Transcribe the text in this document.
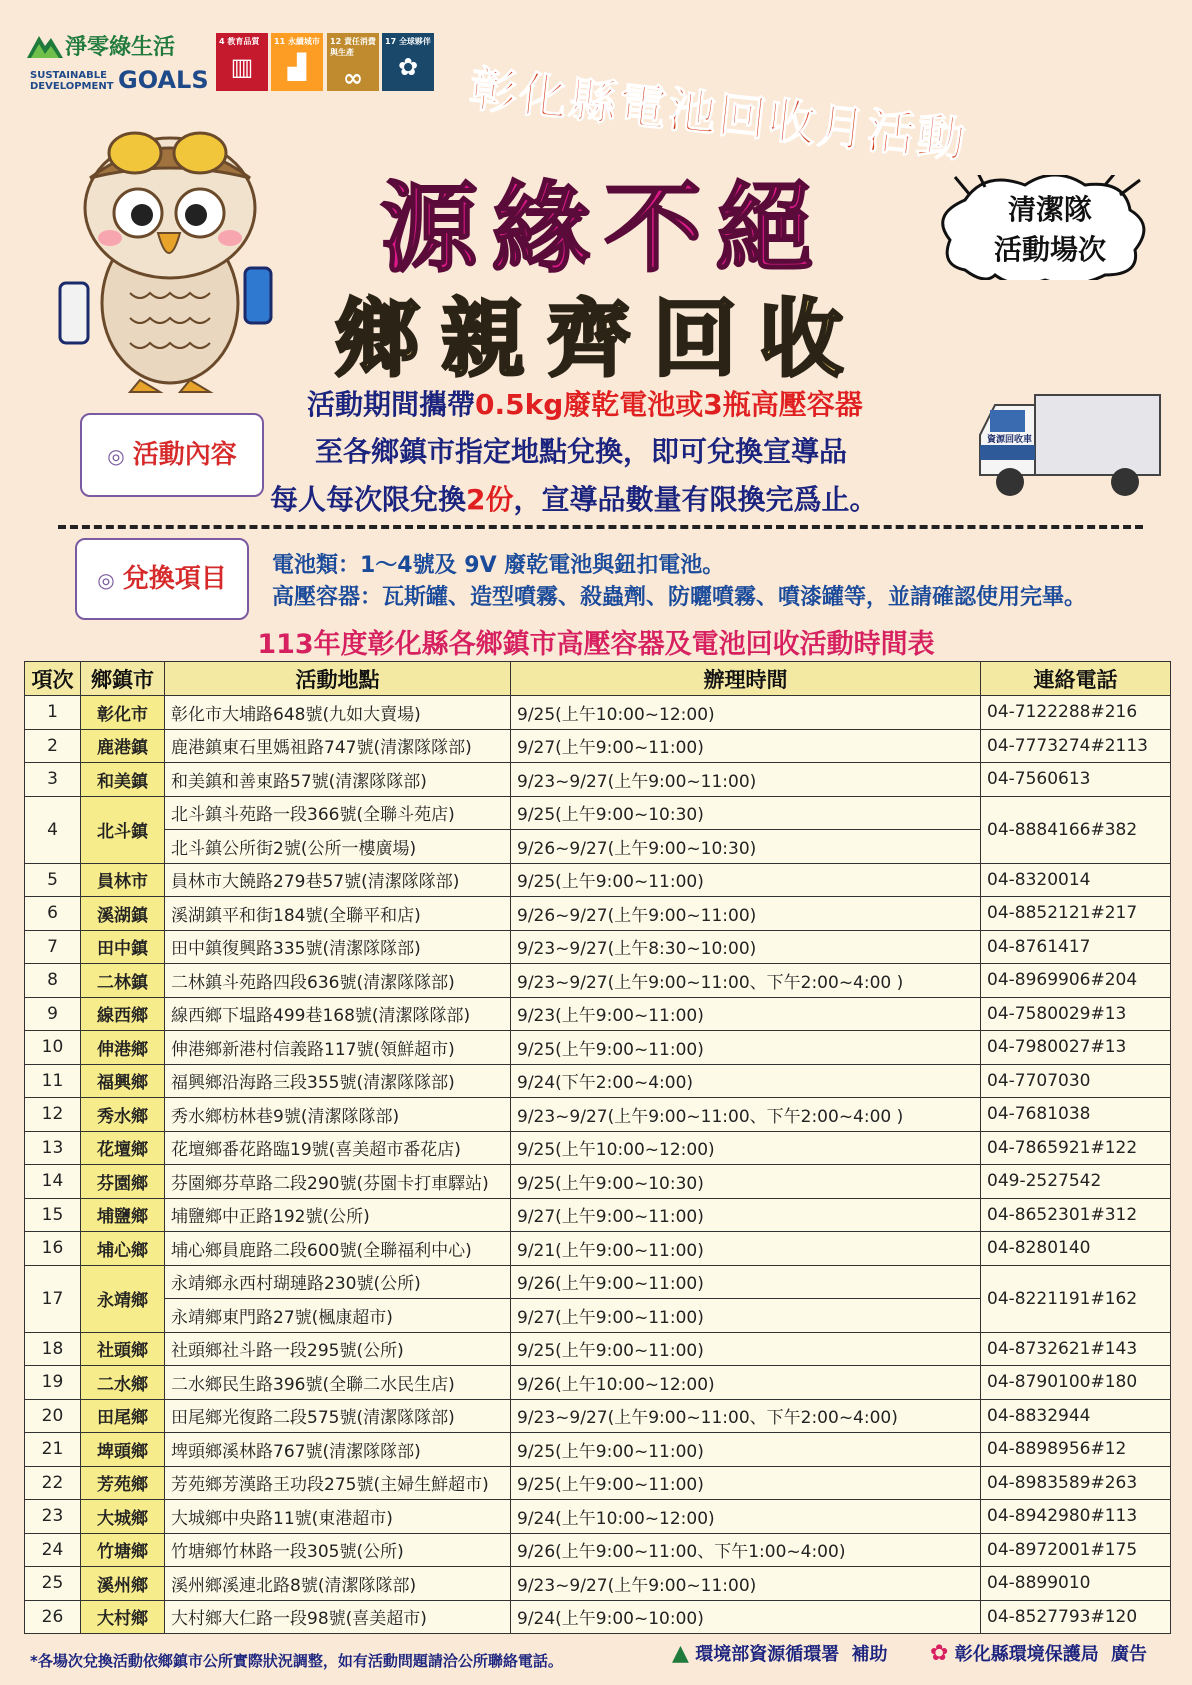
淨零綠生活
SUSTAINABLE
DEVELOPMENT GOALS
4 教育品質
▥
11 永續城市
▟
12 責任消費與生產
∞
17 全球夥伴
✿ 彰化縣電池回收月活動
源緣不絕
鄉親齊回收
清潔隊
活動場次
◎ 活動內容
活動期間攜帶0.5kg廢乾電池或3瓶高壓容器
至各鄉鎮市指定地點兌換，即可兌換宣導品
每人每次限兌換2份，宣導品數量有限換完爲止。
資源回收車
◎ 兌換項目	電池類：1～4號及 9V 廢乾電池與鈕扣電池。
高壓容器：瓦斯罐、造型噴霧、殺蟲劑、防曬噴霧、噴漆罐等，並請確認使用完畢。
113年度彰化縣各鄉鎮市高壓容器及電池回收活動時間表
項次	鄉鎮市	活動地點	辦理時間	連絡電話
1	彰化市	彰化市大埔路648號(九如大賣場)	9/25(上午10:00~12:00)	04-7122288#216
2	鹿港鎮	鹿港鎮東石里媽祖路747號(清潔隊隊部)	9/27(上午9:00~11:00)	04-7773274#2113
3	和美鎮	和美鎮和善東路57號(清潔隊隊部)	9/23~9/27(上午9:00~11:00)	04-7560613
4	北斗鎮	北斗鎮斗苑路一段366號(全聯斗苑店)	9/25(上午9:00~10:30)	04-8884166#382
		北斗鎮公所街2號(公所一樓廣場)	9/26~9/27(上午9:00~10:30)	
5	員林市	員林市大饒路279巷57號(清潔隊隊部)	9/25(上午9:00~11:00)	04-8320014
6	溪湖鎮	溪湖鎮平和街184號(全聯平和店)	9/26~9/27(上午9:00~11:00)	04-8852121#217
7	田中鎮	田中鎮復興路335號(清潔隊隊部)	9/23~9/27(上午8:30~10:00)	04-8761417
8	二林鎮	二林鎮斗苑路四段636號(清潔隊隊部)	9/23~9/27(上午9:00~11:00、下午2:00~4:00 )	04-8969906#204
9	線西鄉	線西鄉下塭路499巷168號(清潔隊隊部)	9/23(上午9:00~11:00)	04-7580029#13
10	伸港鄉	伸港鄉新港村信義路117號(領鮮超市)	9/25(上午9:00~11:00)	04-7980027#13
11	福興鄉	福興鄉沿海路三段355號(清潔隊隊部)	9/24(下午2:00~4:00)	04-7707030
12	秀水鄉	秀水鄉枋林巷9號(清潔隊隊部)	9/23~9/27(上午9:00~11:00、下午2:00~4:00 )	04-7681038
13	花壇鄉	花壇鄉番花路臨19號(喜美超市番花店)	9/25(上午10:00~12:00)	04-7865921#122
14	芬園鄉	芬園鄉芬草路二段290號(芬園卡打車驛站)	9/25(上午9:00~10:30)	049-2527542
15	埔鹽鄉	埔鹽鄉中正路192號(公所)	9/27(上午9:00~11:00)	04-8652301#312
16	埔心鄉	埔心鄉員鹿路二段600號(全聯福利中心)	9/21(上午9:00~11:00)	04-8280140
17	永靖鄉	永靖鄉永西村瑚璉路230號(公所)	9/26(上午9:00~11:00)	04-8221191#162
		永靖鄉東門路27號(楓康超市)	9/27(上午9:00~11:00)	
18	社頭鄉	社頭鄉社斗路一段295號(公所)	9/25(上午9:00~11:00)	04-8732621#143
19	二水鄉	二水鄉民生路396號(全聯二水民生店)	9/26(上午10:00~12:00)	04-8790100#180
20	田尾鄉	田尾鄉光復路二段575號(清潔隊隊部)	9/23~9/27(上午9:00~11:00、下午2:00~4:00)	04-8832944
21	埤頭鄉	埤頭鄉溪林路767號(清潔隊隊部)	9/25(上午9:00~11:00)	04-8898956#12
22	芳苑鄉	芳苑鄉芳漢路王功段275號(主婦生鮮超市)	9/25(上午9:00~11:00)	04-8983589#263
23	大城鄉	大城鄉中央路11號(東港超市)	9/24(上午10:00~12:00)	04-8942980#113
24	竹塘鄉	竹塘鄉竹林路一段305號(公所)	9/26(上午9:00~11:00、下午1:00~4:00)	04-8972001#175
25	溪州鄉	溪州鄉溪連北路8號(清潔隊隊部)	9/23~9/27(上午9:00~11:00)	04-8899010
26	大村鄉	大村鄉大仁路一段98號(喜美超市)	9/24(上午9:00~10:00)	04-8527793#120
*各場次兌換活動依鄉鎮市公所實際狀況調整，如有活動問題請洽公所聯絡電話。	▲ 環境部資源循環署 補助 ✿ 彰化縣環境保護局 廣告
